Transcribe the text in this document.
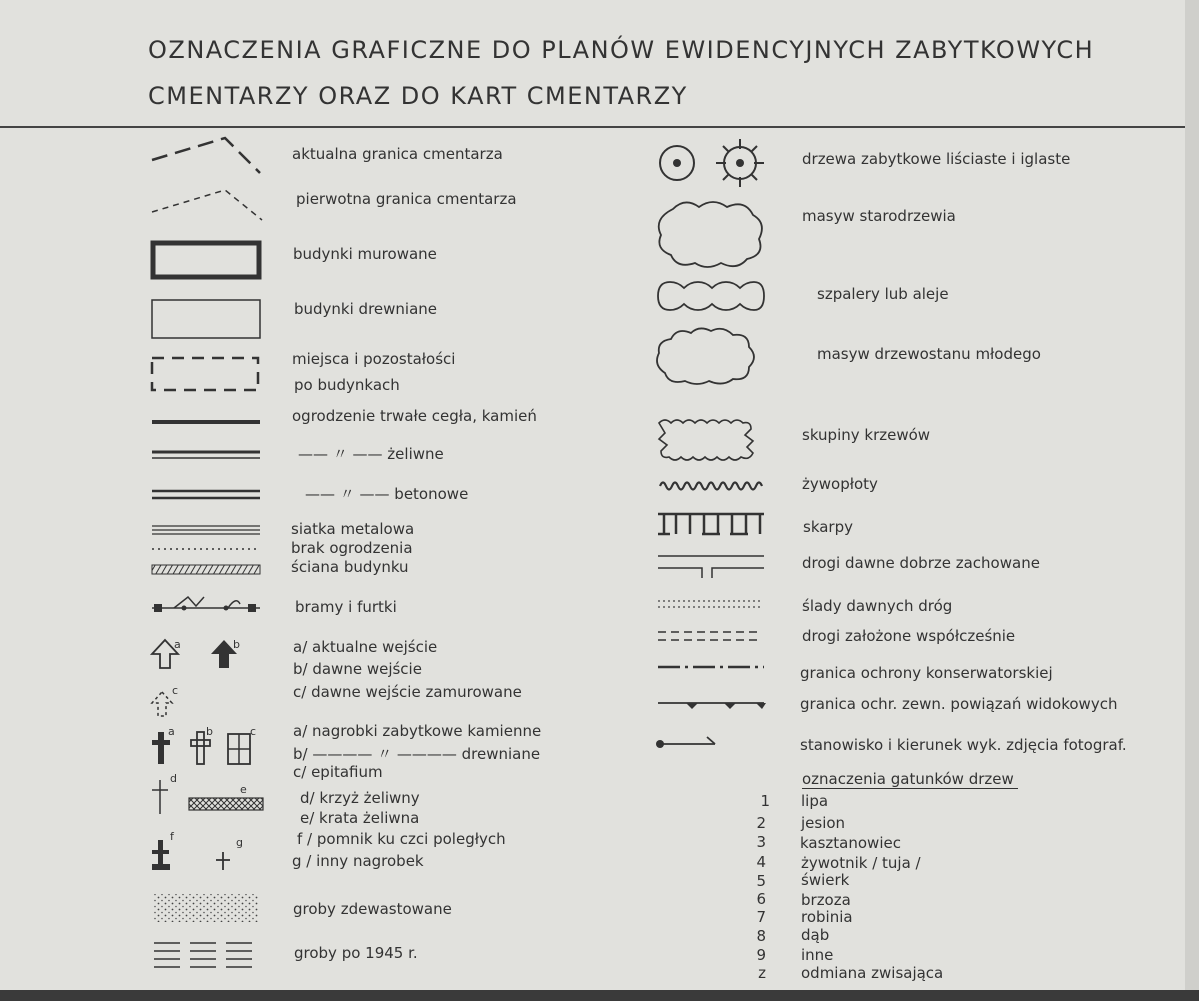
OZNACZENIA GRAFICZNE DO PLANÓW EWIDENCYJNYCH ZABYTKOWYCH
CMENTARZY ORAZ DO KART CMENTARZY
aktualna granica cmentarza
pierwotna granica cmentarza
budynki murowane
budynki drewniane
miejsca i pozostałości
po budynkach
ogrodzenie trwałe cegła, kamień
—— 〃 —— żeliwne
—— 〃 —— betonowe
siatka metalowa
brak ogrodzenia
ściana budynku
bramy i furtki
a	b
c
a/ aktualne wejście
b/ dawne wejście
c/ dawne wejście zamurowane
a	b	c a/ nagrobki zabytkowe kamienne
b/ ———— 〃 ———— drewniane
c/ epitafium
d
e	d/ krzyż żeliwny
e/ krata żeliwna
f / pomnik ku czci poległych
g / inny nagrobek
f	g
groby zdewastowane
groby po 1945 r.
drzewa zabytkowe liściaste i iglaste
masyw starodrzewia
szpalery lub aleje
masyw drzewostanu młodego
skupiny krzewów
żywopłoty
skarpy
drogi dawne dobrze zachowane
ślady dawnych dróg
drogi założone współcześnie
granica ochrony konserwatorskiej
granica ochr. zewn. powiązań widokowych
stanowisko i kierunek wyk. zdjęcia fotograf.
oznaczenia gatunków drzew
1 lipa
2 jesion
3 kasztanowiec
4 żywotnik / tuja /
5 świerk
6 brzoza
7 robinia
8 dąb
9 inne
z odmiana zwisająca
